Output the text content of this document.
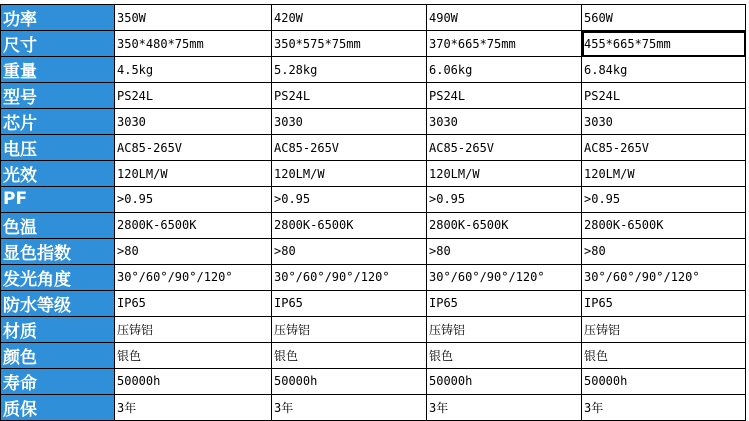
功率	350W	420W	490W	560W
尺寸	350*480*75mm	350*575*75mm	370*665*75mm	455*665*75mm
重量	4.5kg	5.28kg	6.06kg	6.84kg
型号	PS24L	PS24L	PS24L	PS24L
芯片	3030	3030	3030	3030
电压	AC85-265V	AC85-265V	AC85-265V	AC85-265V
光效	120LM/W	120LM/W	120LM/W	120LM/W
PF	>0.95	>0.95	>0.95	>0.95
色温	2800K-6500K	2800K-6500K	2800K-6500K	2800K-6500K
显色指数	>80	>80	>80	>80
发光角度	30°/60°/90°/120°	30°/60°/90°/120°	30°/60°/90°/120°	30°/60°/90°/120°
防水等级	IP65	IP65	IP65	IP65
材质	压铸铝	压铸铝	压铸铝	压铸铝
颜色	银色	银色	银色	银色
寿命	50000h	50000h	50000h	50000h
质保	3年	3年	3年	3年
